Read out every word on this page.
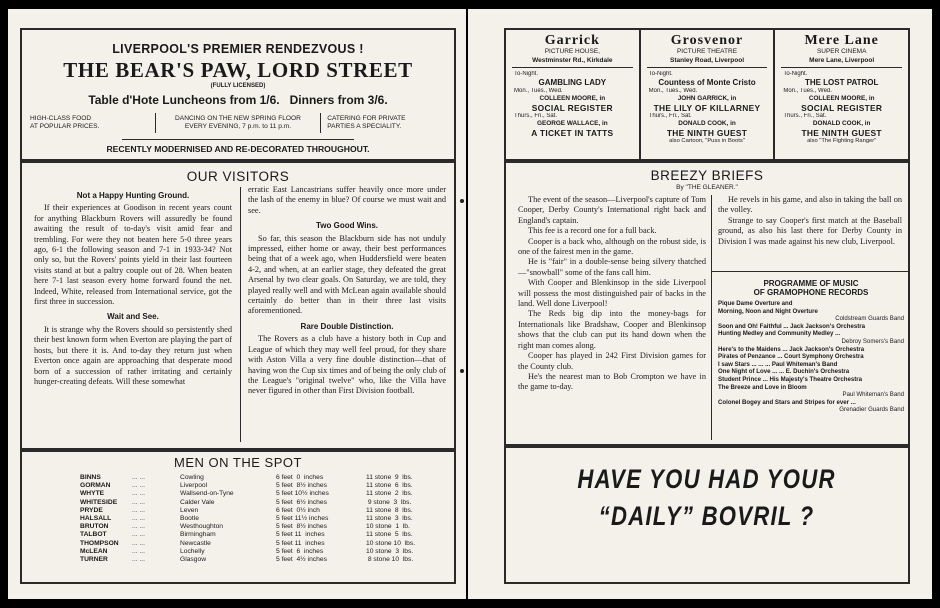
LIVERPOOL'S PREMIER RENDEZVOUS !
THE BEAR'S PAW, LORD STREET
(FULLY LICENSED)
Table d'Hote Luncheons from 1/6.   Dinners from 3/6.
HIGH-CLASS FOOD
AT POPULAR PRICES.
DANCING ON THE NEW SPRING FLOOR
EVERY EVENING, 7 p.m. to 11 p.m.
CATERING FOR PRIVATE
PARTIES A SPECIALITY.
RECENTLY MODERNISED AND RE-DECORATED THROUGHOUT.
OUR VISITORS
Not a Happy Hunting Ground.

If their experiences at Goodison in recent years count for anything Blackburn Rovers will assuredly be found awaiting the result of to-day's visit amid fear and trembling. For were they not beaten here 5-0 three years ago, 6-1 the following season and 7-1 in 1933-34? Not only so, but the Rovers' points yield in their last fourteen visits stand at but a paltry couple out of 28. When beaten here 7-1 last season every home forward found the net. Indeed, White, released from International service, got the first three in succession.

Wait and See.

It is strange why the Rovers should so persistently shed their best known form when Everton are playing the part of hosts, but there it is. And to-day they return just when Everton once again are approaching that desperate mood born of a succession of rather irritating and certainly hunger-creating defeats. Will these somewhat

erratic East Lancastrians suffer heavily once more under the lash of the enemy in blue? Of course we must wait and see.

Two Good Wins.

So far, this season the Blackburn side has not unduly impressed, either home or away, their best performances being that of a week ago, when Huddersfield were beaten 4-2, and when, at an earlier stage, they defeated the great Arsenal by two clear goals. On Saturday, we are told, they played really well and with McLean again available should certainly do better than in their three last visits aforementioned.

Rare Double Distinction.

The Rovers as a club have a history both in Cup and League of which they may well feel proud, for they share with Aston Villa a very fine double distinction—that of having won the Cup six times and of being the only club of the League's "original twelve" who, like the Villa have never figured in other than First Division football.

MEN ON THE SPOT
BINNS	... ...	Cowling	6 feet  0  inches	11 stone  9  lbs.
GORMAN	... ...	Liverpool	5 feet  8½ inches	11 stone  6  lbs.
WHYTE	... ...	Wallsend-on-Tyne	5 feet 10½ inches	11 stone  2  lbs.
WHITESIDE	... ...	Calder Vale	5 feet  6½ inches	9 stone  3  lbs.
PRYDE	... ...	Leven	6 feet  0½ inch	11 stone  8  lbs.
HALSALL	... ...	Bootle	5 feet 11½ inches	11 stone  3  lbs.
BRUTON	... ...	Westhoughton	5 feet  8½ inches	10 stone  1  lb.
TALBOT	... ...	Birmingham	5 feet 11  inches	11 stone  5  lbs.
THOMPSON	... ...	Newcastle	5 feet 11  inches	10 stone 10  lbs.
McLEAN	... ...	Lochelly	5 feet  6  inches	10 stone  3  lbs.
TURNER	... ...	Glasgow	5 feet  4½ inches	8 stone 10  lbs.
Garrick
PICTURE HOUSE,
Westminster Rd., Kirkdale
To-Night.
GAMBLING LADY
Mon., Tues., Wed.
COLLEEN MOORE, in
SOCIAL REGISTER
Thurs., Fri., Sat.
GEORGE WALLACE, in
A TICKET IN TATTS
Grosvenor
PICTURE THEATRE
Stanley Road, Liverpool
To-Night.
Countess of Monte Cristo
Mon., Tues., Wed.
JOHN GARRICK, in
THE LILY OF KILLARNEY
Thurs., Fri., Sat.
DONALD COOK, in
THE NINTH GUEST
also Cartoon, "Puss in Boots"
Mere Lane
SUPER CINEMA
Mere Lane, Liverpool
To-Night.
THE LOST PATROL
Mon., Tues., Wed.
COLLEEN MOORE, in
SOCIAL REGISTER
Thurs., Fri., Sat.
DONALD COOK, in
THE NINTH GUEST
also "The Fighting Ranger"
BREEZY BRIEFS
By "THE GLEANER."

The event of the season—Liverpool's capture of Tom Cooper, Derby County's International right back and England's captain.

This fee is a record one for a full back.

Cooper is a back who, although on the robust side, is one of the fairest men in the game.

He is "fair" in a double-sense being silvery thatched—"snowball" some of the fans call him.

With Cooper and Blenkinsop in the side Liverpool will possess the most distinguished pair of backs in the land. Well done Liverpool!

The Reds big dip into the money-bags for Internationals like Bradshaw, Cooper and Blenkinsop shows that the club can put its hand down when the right man comes along.

Cooper has played in 242 First Division games for the County club.

He's the nearest man to Bob Crompton we have in the game to-day.

He revels in his game, and also in taking the ball on the volley.

Strange to say Cooper's first match at the Baseball ground, as also his last there for Derby County in Division I was made against his new club, Liverpool.

PROGRAMME OF MUSIC
OF GRAMOPHONE RECORDS
Pique Dame Overture and
Morning, Noon and Night Overture
Coldstream Guards Band
Soon and Oh! Faithful ... Jack Jackson's Orchestra
Hunting Medley and Community Medley ...
Debroy Somers's Band
Here's to the Maidens ... Jack Jackson's Orchestra
Pirates of Penzance ... Court Symphony Orchestra
I saw Stars ... ... ... Paul Whiteman's Band
One Night of Love ... ... E. Duchin's Orchestra
Student Prince ... His Majesty's Theatre Orchestra
The Breeze and Love in Bloom
Paul Whiteman's Band
Colonel Bogey and Stars and Stripes for ever ...
Grenadier Guards Band
HAVE YOU HAD YOUR
“DAILY” BOVRIL ?
